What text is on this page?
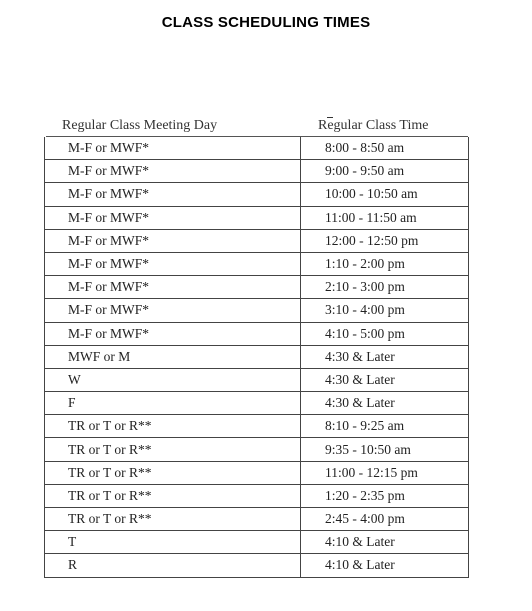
CLASS SCHEDULING TIMES
Regular Class Meeting Day	Regular Class Time
M-F or MWF*	8:00 - 8:50 am
M-F or MWF*	9:00 - 9:50 am
M-F or MWF*	10:00 - 10:50 am
M-F or MWF*	11:00 - 11:50 am
M-F or MWF*	12:00 - 12:50 pm
M-F or MWF*	1:10 - 2:00 pm
M-F or MWF*	2:10 - 3:00 pm
M-F or MWF*	3:10 - 4:00 pm
M-F or MWF*	4:10 - 5:00 pm
MWF or M	4:30 & Later
W	4:30 & Later
F	4:30 & Later
TR or T or R**	8:10 - 9:25 am
TR or T or R**	9:35 - 10:50 am
TR or T or R**	11:00 - 12:15 pm
TR or T or R**	1:20 - 2:35 pm
TR or T or R**	2:45 - 4:00 pm
T	4:10 & Later
R	4:10 & Later
